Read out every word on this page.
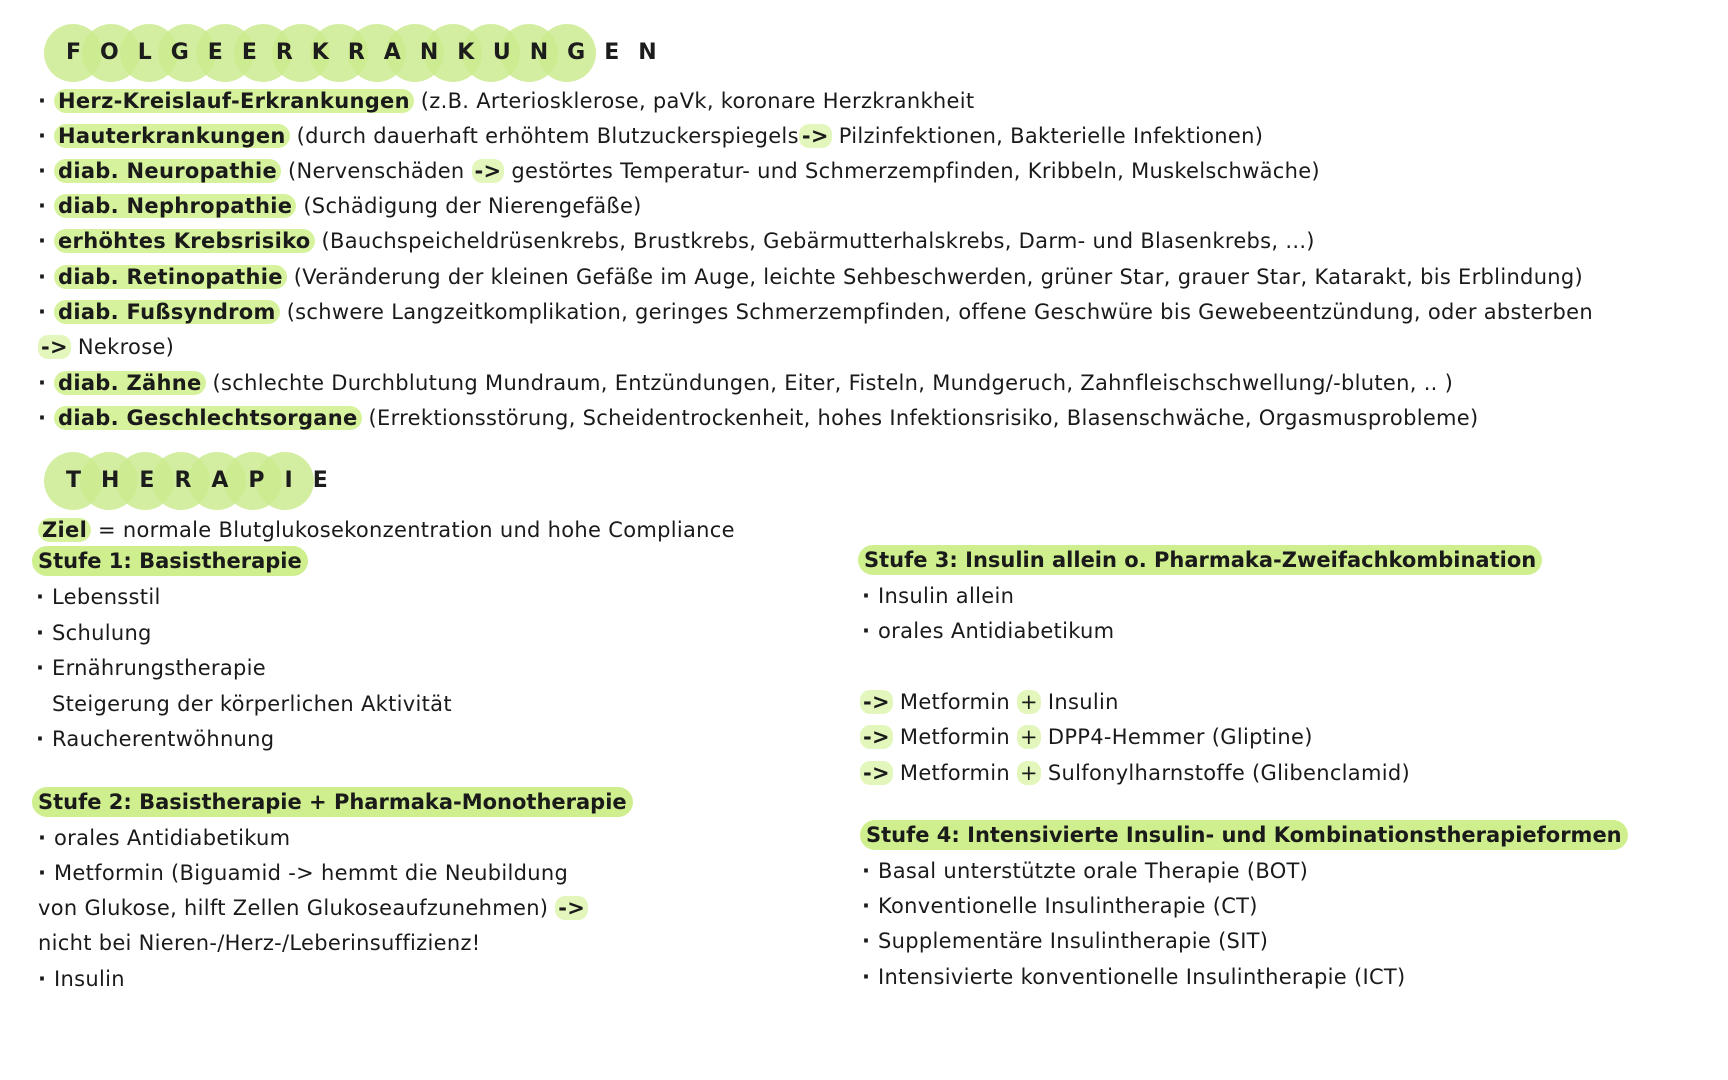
FOLGEERKRANKUNGEN
· Herz-Kreislauf-Erkrankungen (z.B. Arteriosklerose, paVk, koronare Herzkrankheit
· Hauterkrankungen (durch dauerhaft erhöhtem Blutzuckerspiegels -> Pilzinfektionen, Bakterielle Infektionen)
· diab. Neuropathie (Nervenschäden -> gestörtes Temperatur- und Schmerzempfinden, Kribbeln, Muskelschwäche)
· diab. Nephropathie (Schädigung der Nierengefäße)
· erhöhtes Krebsrisiko (Bauchspeicheldrüsenkrebs, Brustkrebs, Gebärmutterhalskrebs, Darm- und Blasenkrebs, ...)
· diab. Retinopathie (Veränderung der kleinen Gefäße im Auge, leichte Sehbeschwerden, grüner Star, grauer Star, Katarakt, bis Erblindung)
· diab. Fußsyndrom (schwere Langzeitkomplikation, geringes Schmerzempfinden, offene Geschwüre bis Gewebeentzündung, oder absterben
-> Nekrose)
· diab. Zähne (schlechte Durchblutung Mundraum, Entzündungen, Eiter, Fisteln, Mundgeruch, Zahnfleischschwellung/-bluten, .. )
· diab. Geschlechtsorgane (Errektionsstörung, Scheidentrockenheit, hohes Infektionsrisiko, Blasenschwäche, Orgasmusprobleme)
THERAPIE
Ziel = normale Blutglukosekonzentration und hohe Compliance
Stufe 1: Basistherapie
· Lebensstil
· Schulung
· Ernährungstherapie
Steigerung der körperlichen Aktivität
· Raucherentwöhnung
Stufe 2: Basistherapie + Pharmaka-Monotherapie
· orales Antidiabetikum
· Metformin (Biguamid -> hemmt die Neubildung
von Glukose, hilft Zellen Glukoseaufzunehmen) ->
nicht bei Nieren-/Herz-/Leberinsuffizienz!
· Insulin
Stufe 3: Insulin allein o. Pharmaka-Zweifachkombination
· Insulin allein
· orales Antidiabetikum
-> Metformin + Insulin
-> Metformin + DPP4-Hemmer (Gliptine)
-> Metformin + Sulfonylharnstoffe (Glibenclamid)
Stufe 4: Intensivierte Insulin- und Kombinationstherapieformen
· Basal unterstützte orale Therapie (BOT)
· Konventionelle Insulintherapie (CT)
· Supplementäre Insulintherapie (SIT)
· Intensivierte konventionelle Insulintherapie (ICT)
